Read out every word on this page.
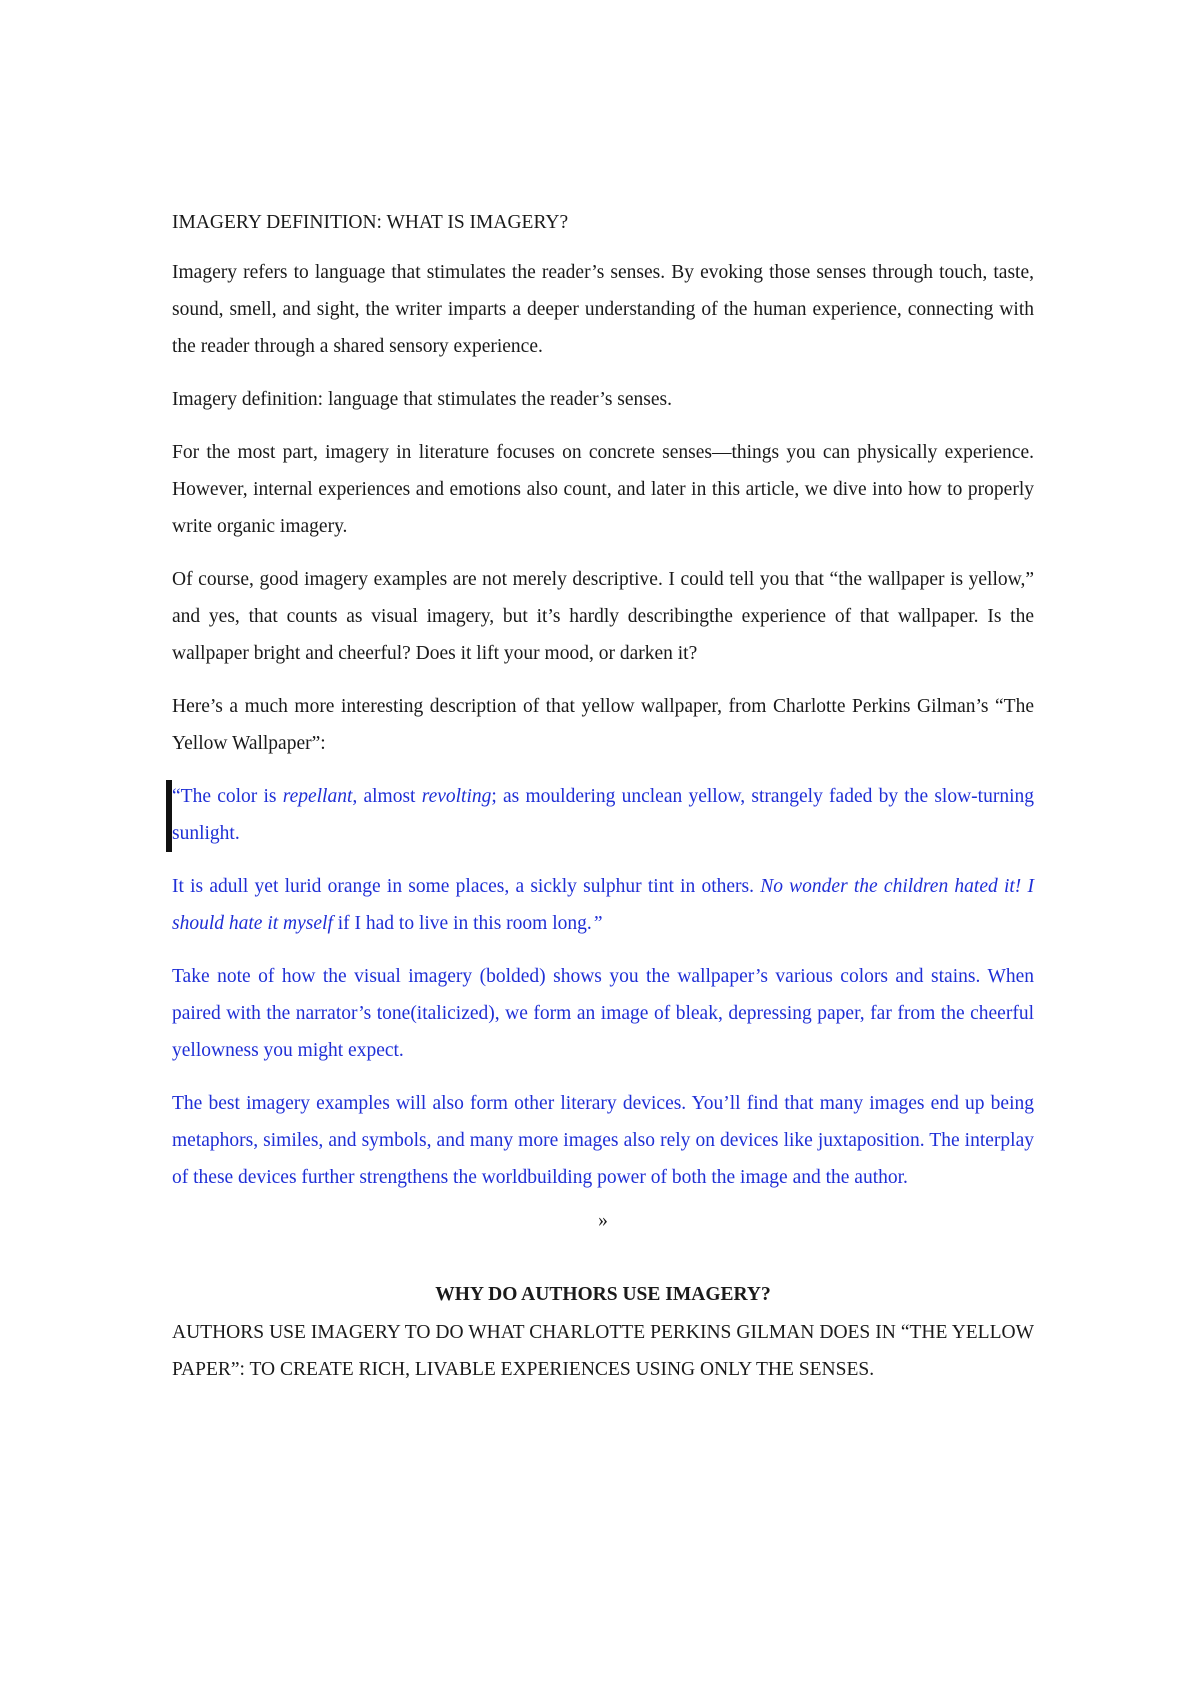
IMAGERY DEFINITION: WHAT IS IMAGERY?

Imagery refers to language that stimulates the reader’s senses. By evoking those senses through touch, taste, sound, smell, and sight, the writer imparts a deeper understanding of the human experience, connecting with the reader through a shared sensory experience.

Imagery definition: language that stimulates the reader’s senses.

For the most part, imagery in literature focuses on concrete senses—things you can physically experience. However, internal experiences and emotions also count, and later in this article, we dive into how to properly write organic imagery.

Of course, good imagery examples are not merely descriptive. I could tell you that “the wallpaper is yellow,” and yes, that counts as visual imagery, but it’s hardly describingthe experience of that wallpaper. Is the wallpaper bright and cheerful? Does it lift your mood, or darken it?

Here’s a much more interesting description of that yellow wallpaper, from Charlotte Perkins Gilman’s “The Yellow Wallpaper”:

“The color is repellant, almost revolting; as mouldering unclean yellow, strangely faded by the slow-turning sunlight.

It is adull yet lurid orange in some places, a sickly sulphur tint in others. No wonder the children hated it! I should hate it myself if I had to live in this room long.”

Take note of how the visual imagery (bolded) shows you the wallpaper’s various colors and stains. When paired with the narrator’s tone(italicized), we form an image of bleak, depressing paper, far from the cheerful yellowness you might expect.

The best imagery examples will also form other literary devices. You’ll find that many images end up being metaphors, similes, and symbols, and many more images also rely on devices like juxtaposition. The interplay of these devices further strengthens the worldbuilding power of both the image and the author.

»

WHY DO AUTHORS USE IMAGERY?

AUTHORS USE IMAGERY TO DO WHAT CHARLOTTE PERKINS GILMAN DOES IN “THE YELLOW PAPER”: TO CREATE RICH, LIVABLE EXPERIENCES USING ONLY THE SENSES.
